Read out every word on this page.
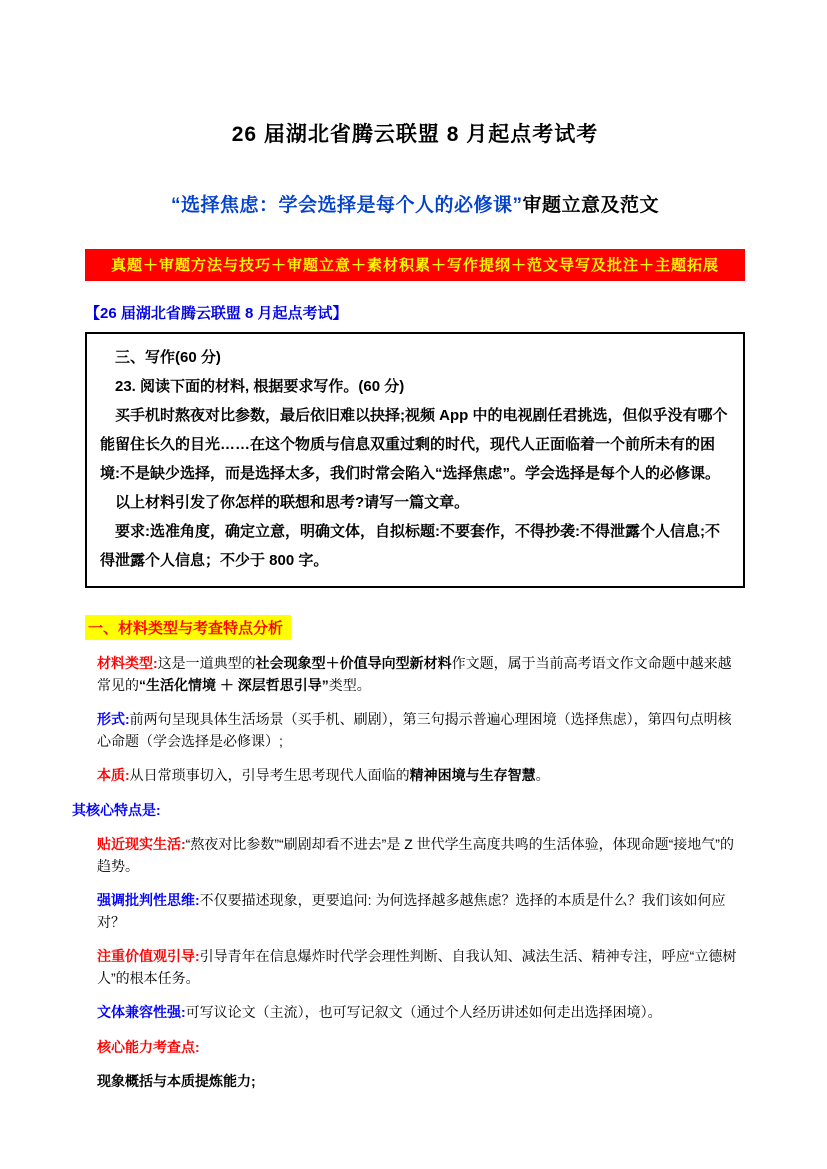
26 届湖北省腾云联盟 8 月起点考试考
“选择焦虑：学会选择是每个人的必修课”审题立意及范文
真题＋审题方法与技巧＋审题立意＋素材积累＋写作提纲＋范文导写及批注＋主题拓展
【26 届湖北省腾云联盟 8 月起点考试】

三、写作(60 分)

23. 阅读下面的材料, 根据要求写作。(60 分)

买手机时熬夜对比参数，最后依旧难以抉择;视频 App 中的电视剧任君挑选，但似乎没有哪个能留住长久的目光……在这个物质与信息双重过剩的时代，现代人正面临着一个前所未有的困境:不是缺少选择，而是选择太多，我们时常会陷入“选择焦虑”。学会选择是每个人的必修课。

以上材料引发了你怎样的联想和思考?请写一篇文章。

要求:选准角度，确定立意，明确文体，自拟标题:不要套作，不得抄袭:不得泄露个人信息;不得泄露个人信息；不少于 800 字。

一、材料类型与考查特点分析

材料类型:这是一道典型的社会现象型＋价值导向型新材料作文题，属于当前高考语文作文命题中越来越常见的“生活化情境 ＋ 深层哲思引导”类型。

形式:前两句呈现具体生活场景（买手机、刷剧），第三句揭示普遍心理困境（选择焦虑），第四句点明核心命题（学会选择是必修课）;

本质:从日常琐事切入，引导考生思考现代人面临的精神困境与生存智慧。

其核心特点是:

贴近现实生活:“熬夜对比参数”“刷剧却看不进去”是 Z 世代学生高度共鸣的生活体验，体现命题“接地气”的趋势。

强调批判性思维:不仅要描述现象，更要追问: 为何选择越多越焦虑？选择的本质是什么？我们该如何应对？

注重价值观引导:引导青年在信息爆炸时代学会理性判断、自我认知、减法生活、精神专注，呼应“立德树人”的根本任务。

文体兼容性强:可写议论文（主流），也可写记叙文（通过个人经历讲述如何走出选择困境）。

核心能力考查点:

现象概括与本质提炼能力;
